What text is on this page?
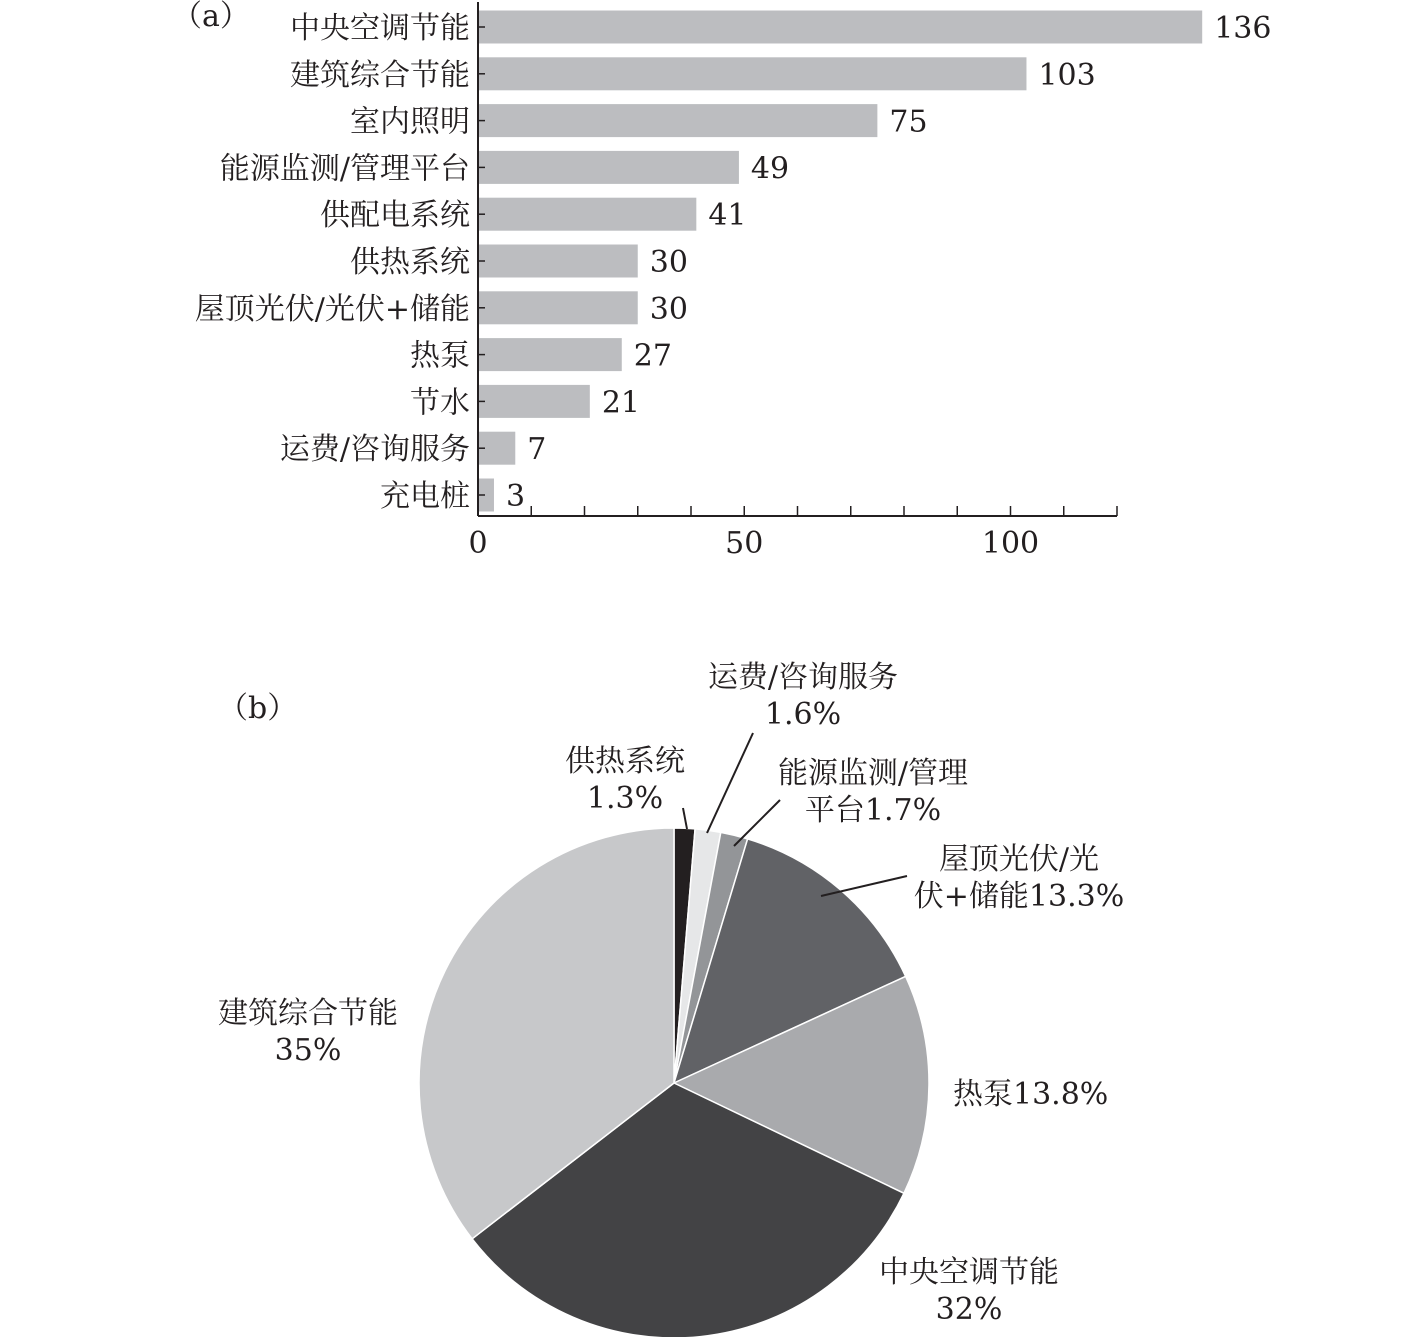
（a） 中央空调节能	136
建筑综合节能	103
室内照明	75
能源监测/管理平台	49
供配电系统	41
供热系统	30
屋顶光伏/光伏+储能	30
热泵	27
节水	21
运费/咨询服务 7
充电桩 3
0	50	100
（b）
供热系统
1.3%
运费/咨询服务
1.6%
能源监测/管理
平台1.7%
屋顶光伏/光
伏+储能13.3%
热泵13.8%
中央空调节能
32%
建筑综合节能
35%
